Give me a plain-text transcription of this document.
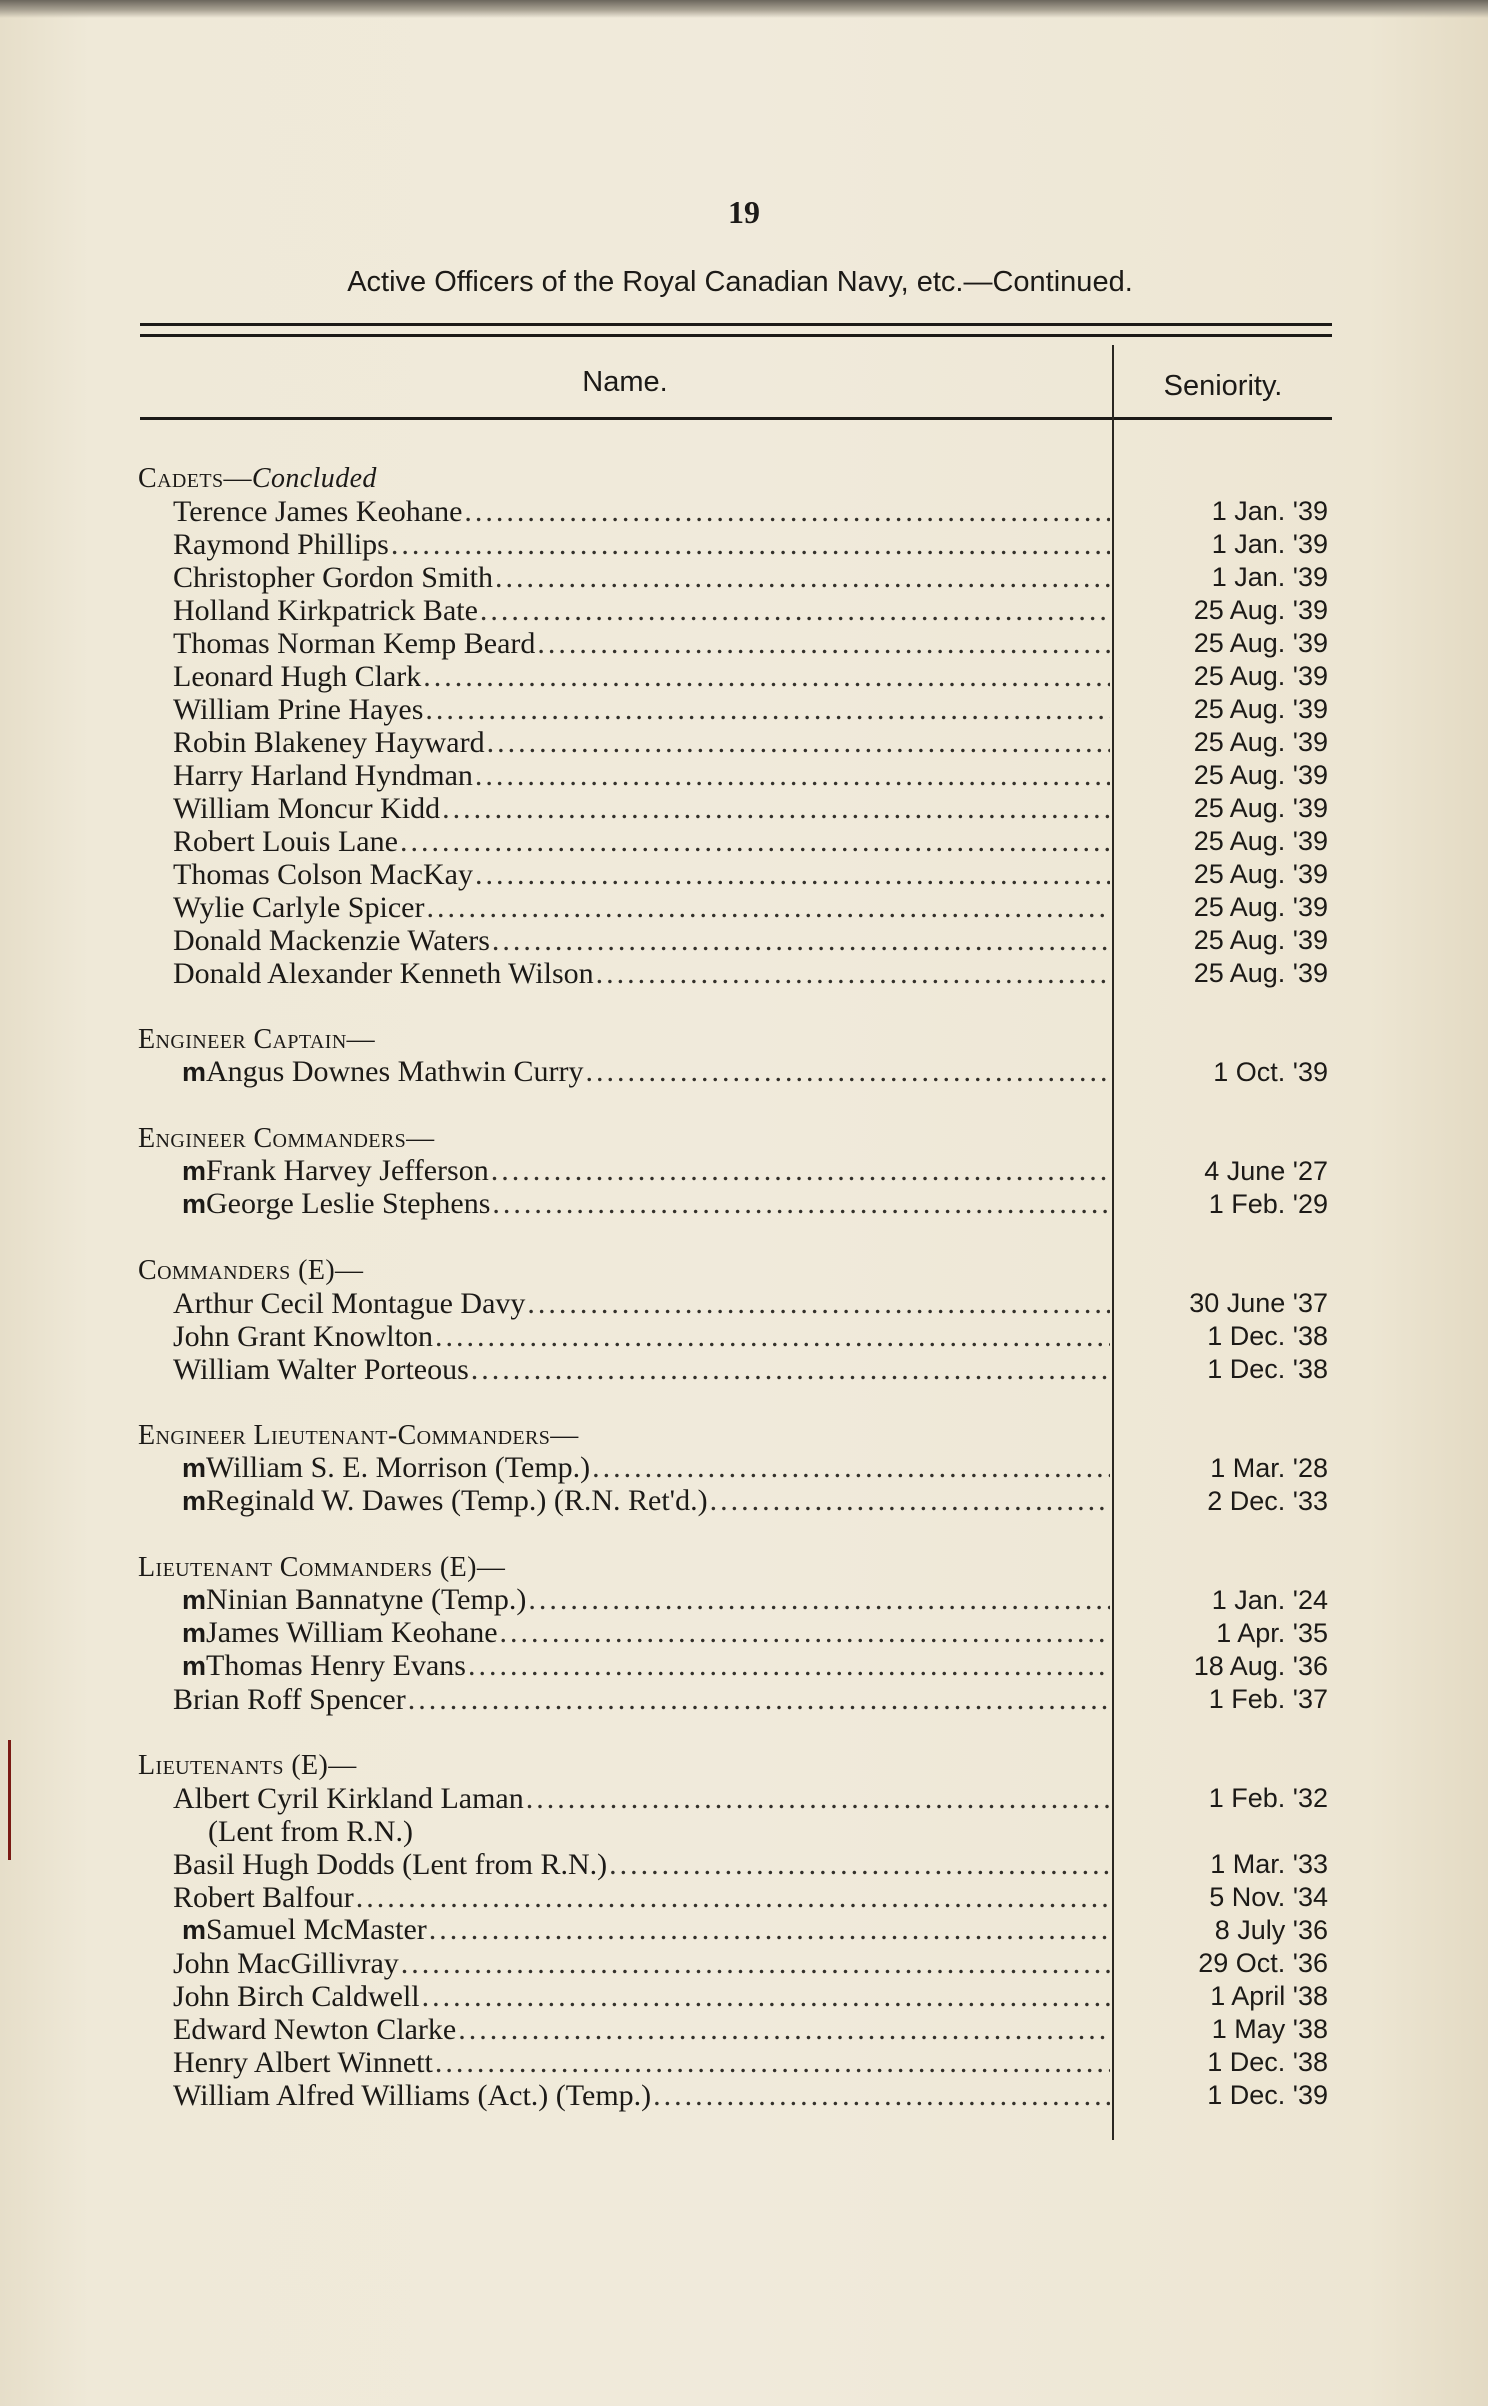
19
Active Officers of the Royal Canadian Navy, etc.—Continued.
Name.	Seniority.
Cadets—Concluded
Terence James Keohane .....	1 Jan. '39
Raymond Phillips .....	1 Jan. '39
Christopher Gordon Smith .....	1 Jan. '39
Holland Kirkpatrick Bate .....	25 Aug. '39
Thomas Norman Kemp Beard .....	25 Aug. '39
Leonard Hugh Clark .....	25 Aug. '39
William Prine Hayes .....	25 Aug. '39
Robin Blakeney Hayward .....	25 Aug. '39
Harry Harland Hyndman .....	25 Aug. '39
William Moncur Kidd .....	25 Aug. '39
Robert Louis Lane .....	25 Aug. '39
Thomas Colson MacKay .....	25 Aug. '39
Wylie Carlyle Spicer .....	25 Aug. '39
Donald Mackenzie Waters .....	25 Aug. '39
Donald Alexander Kenneth Wilson .....	25 Aug. '39
Engineer Captain—
mAngus Downes Mathwin Curry .....	1 Oct. '39
Engineer Commanders—
mFrank Harvey Jefferson .....	4 June '27
mGeorge Leslie Stephens .....	1 Feb. '29
Commanders (E)—
Arthur Cecil Montague Davy .....	30 June '37
John Grant Knowlton .....	1 Dec. '38
William Walter Porteous .....	1 Dec. '38
Engineer Lieutenant-Commanders—
mWilliam S. E. Morrison (Temp.) .....	1 Mar. '28
mReginald W. Dawes (Temp.) (R.N. Ret'd.) .....	2 Dec. '33
Lieutenant Commanders (E)—
mNinian Bannatyne (Temp.) .....	1 Jan. '24
mJames William Keohane .....	1 Apr. '35
mThomas Henry Evans .....	18 Aug. '36
Brian Roff Spencer .....	1 Feb. '37
Lieutenants (E)—
Albert Cyril Kirkland Laman .....	1 Feb. '32
(Lent from R.N.)
Basil Hugh Dodds (Lent from R.N.) .....	1 Mar. '33
Robert Balfour .....	5 Nov. '34
mSamuel McMaster .....	8 July '36
John MacGillivray .....	29 Oct. '36
John Birch Caldwell .....	1 April '38
Edward Newton Clarke .....	1 May '38
Henry Albert Winnett .....	1 Dec. '38
William Alfred Williams (Act.) (Temp.) .....	1 Dec. '39
